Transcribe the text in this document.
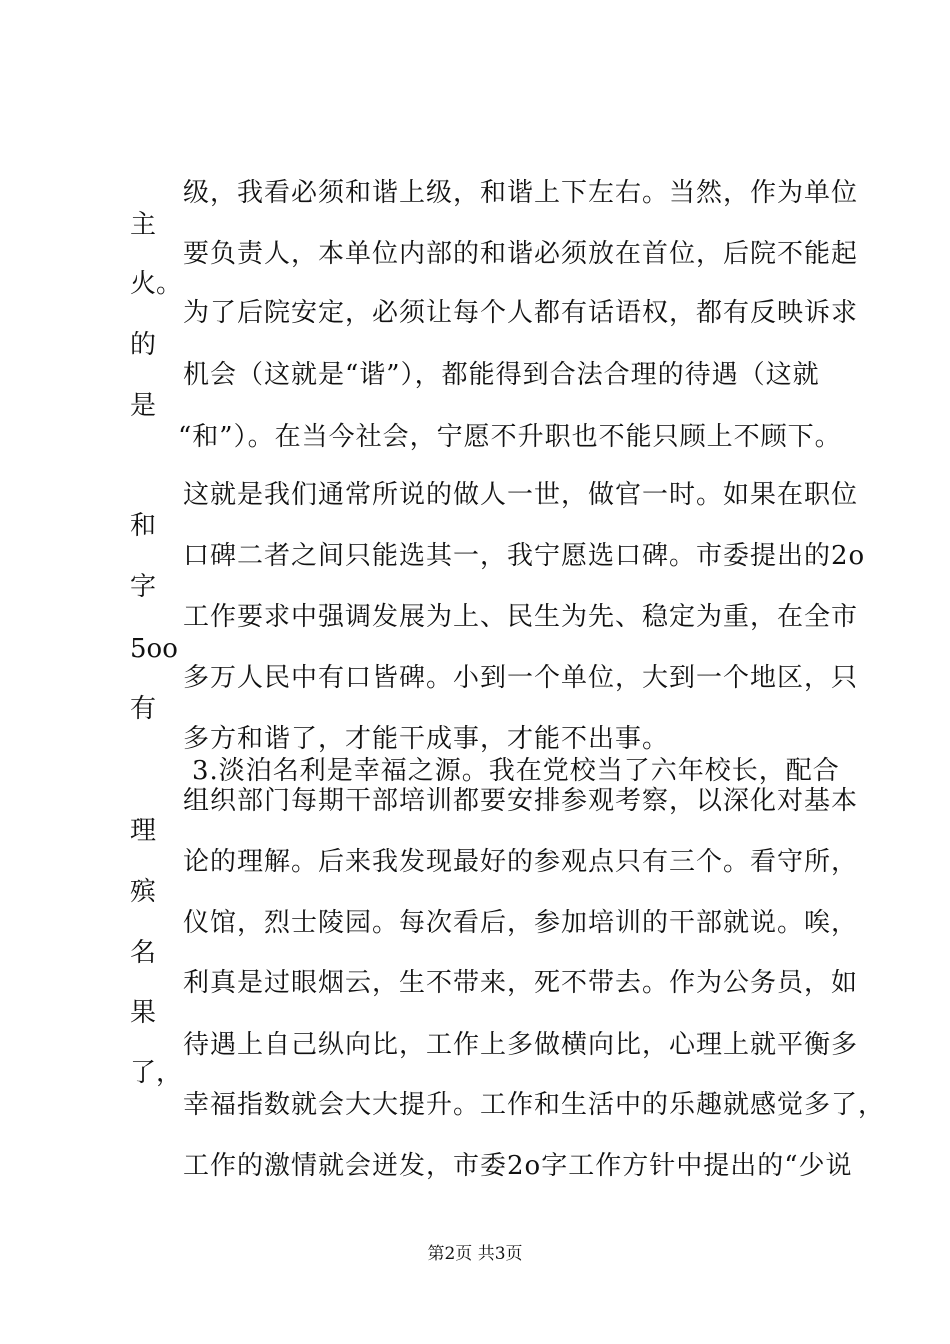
级，我看必须和谐上级，和谐上下左右。当然，作为单位
主
要负责人，本单位内部的和谐必须放在首位，后院不能起
火。
为了后院安定，必须让每个人都有话语权，都有反映诉求
的
机会（这就是“谐”），都能得到合法合理的待遇（这就
是
“和”）。在当今社会，宁愿不升职也不能只顾上不顾下。
这就是我们通常所说的做人一世，做官一时。如果在职位
和
口碑二者之间只能选其一，我宁愿选口碑。市委提出的2o
字
工作要求中强调发展为上、民生为先、稳定为重，在全市
5oo
多万人民中有口皆碑。小到一个单位，大到一个地区，只
有
多方和谐了，才能干成事，才能不出事。
3.淡泊名利是幸福之源。我在党校当了六年校长，配合
组织部门每期干部培训都要安排参观考察，以深化对基本
理
论的理解。后来我发现最好的参观点只有三个。看守所，
殡
仪馆，烈士陵园。每次看后，参加培训的干部就说。唉，
名
利真是过眼烟云，生不带来，死不带去。作为公务员，如
果
待遇上自己纵向比，工作上多做横向比，心理上就平衡多
了，
幸福指数就会大大提升。工作和生活中的乐趣就感觉多了，
工作的激情就会迸发，市委2o字工作方针中提出的“少说
第2页 共3页
